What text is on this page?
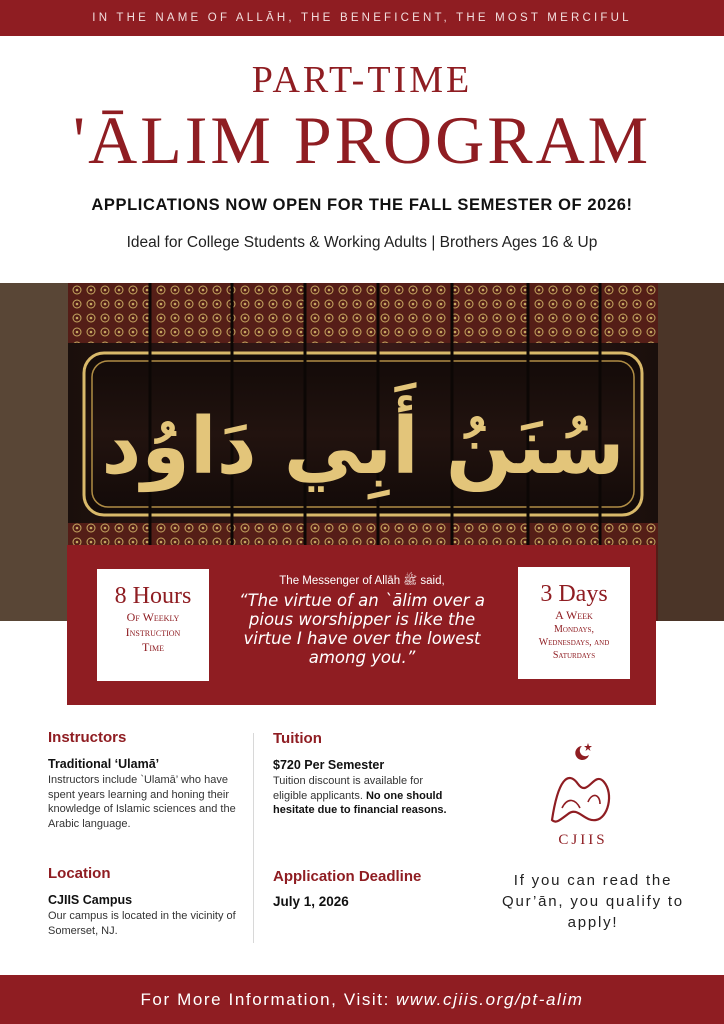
IN THE NAME OF ALLĀH, THE BENEFICENT, THE MOST MERCIFUL
PART-TIME
'ĀLIM PROGRAM
APPLICATIONS NOW OPEN FOR THE FALL SEMESTER OF 2026!
Ideal for College Students & Working Adults | Brothers Ages 16 & Up
سُنَنُ أَبِي دَاوُد
8 Hours
Of Weekly
Instruction
Time
The Messenger of Allāh ﷺ said,
“The virtue of an `ālim over a pious worshipper is like the virtue I have over the lowest among you.”
3 Days
A Week
Mondays,
Wednesdays, and
Saturdays
Instructors
Traditional ‘Ulamā’
Instructors include `Ulamā’ who have spent years learning and honing their knowledge of Islamic sciences and the Arabic language.
Location
CJIIS Campus
Our campus is located in the vicinity of Somerset, NJ.
Tuition
$720 Per Semester
Tuition discount is available for eligible applicants. No one should hesitate due to financial reasons.
Application Deadline
July 1, 2026
CJIIS
If you can read the Qur’ān, you qualify to apply!
For More Information, Visit: www.cjiis.org/pt-alim
